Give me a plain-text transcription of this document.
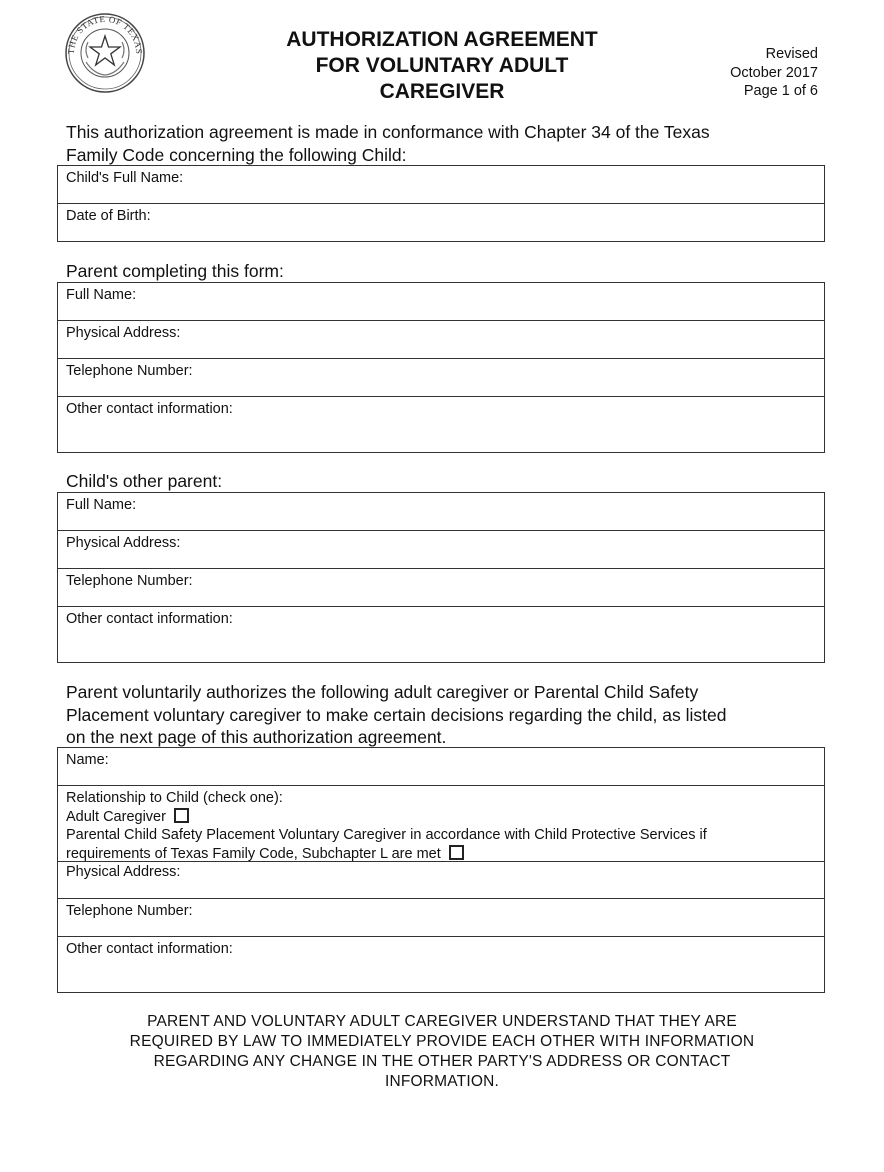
THE STATE OF TEXAS
AUTHORIZATION AGREEMENT
FOR VOLUNTARY ADULT
CAREGIVER
Revised
October 2017
Page 1 of 6

This authorization agreement is made in conformance with Chapter 34 of the Texas
Family Code concerning the following Child:

Child's Full Name:
Date of Birth:

Parent completing this form:

Full Name:
Physical Address:
Telephone Number:
Other contact information:

Child's other parent:

Full Name:
Physical Address:
Telephone Number:
Other contact information:

Parent voluntarily authorizes the following adult caregiver or Parental Child Safety
Placement voluntary caregiver to make certain decisions regarding the child, as listed
on the next page of this authorization agreement.

Name:
Relationship to Child (check one):
Adult Caregiver
Parental Child Safety Placement Voluntary Caregiver in accordance with Child Protective Services if
requirements of Texas Family Code, Subchapter L are met
Physical Address:
Telephone Number:
Other contact information:
PARENT AND VOLUNTARY ADULT CAREGIVER UNDERSTAND THAT THEY ARE
REQUIRED BY LAW TO IMMEDIATELY PROVIDE EACH OTHER WITH INFORMATION
REGARDING ANY CHANGE IN THE OTHER PARTY'S ADDRESS OR CONTACT
INFORMATION.
